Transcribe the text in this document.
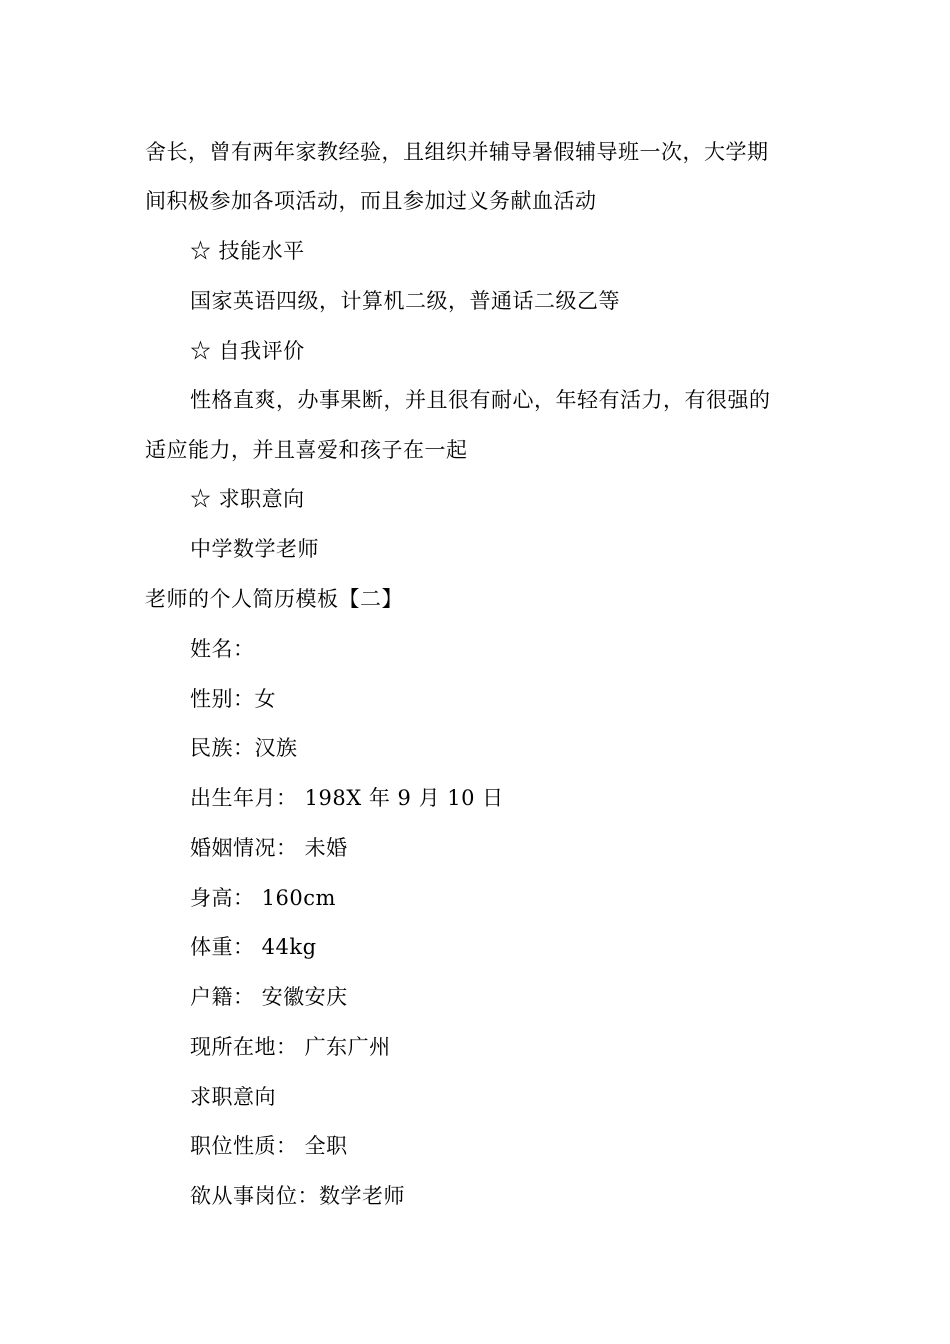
舍长，曾有两年家教经验，且组织并辅导暑假辅导班一次，大学期
间积极参加各项活动，而且参加过义务献血活动
☆ 技能水平
国家英语四级，计算机二级，普通话二级乙等
☆ 自我评价
性格直爽，办事果断，并且很有耐心，年轻有活力，有很强的
适应能力，并且喜爱和孩子在一起
☆ 求职意向
中学数学老师
老师的个人简历模板【二】
姓名：
性别：女
民族：汉族
出生年月： 198X 年 9 月 10 日
婚姻情况： 未婚
身高： 160cm
体重： 44kg
户籍： 安徽安庆
现所在地： 广东广州
求职意向
职位性质： 全职
欲从事岗位：数学老师
